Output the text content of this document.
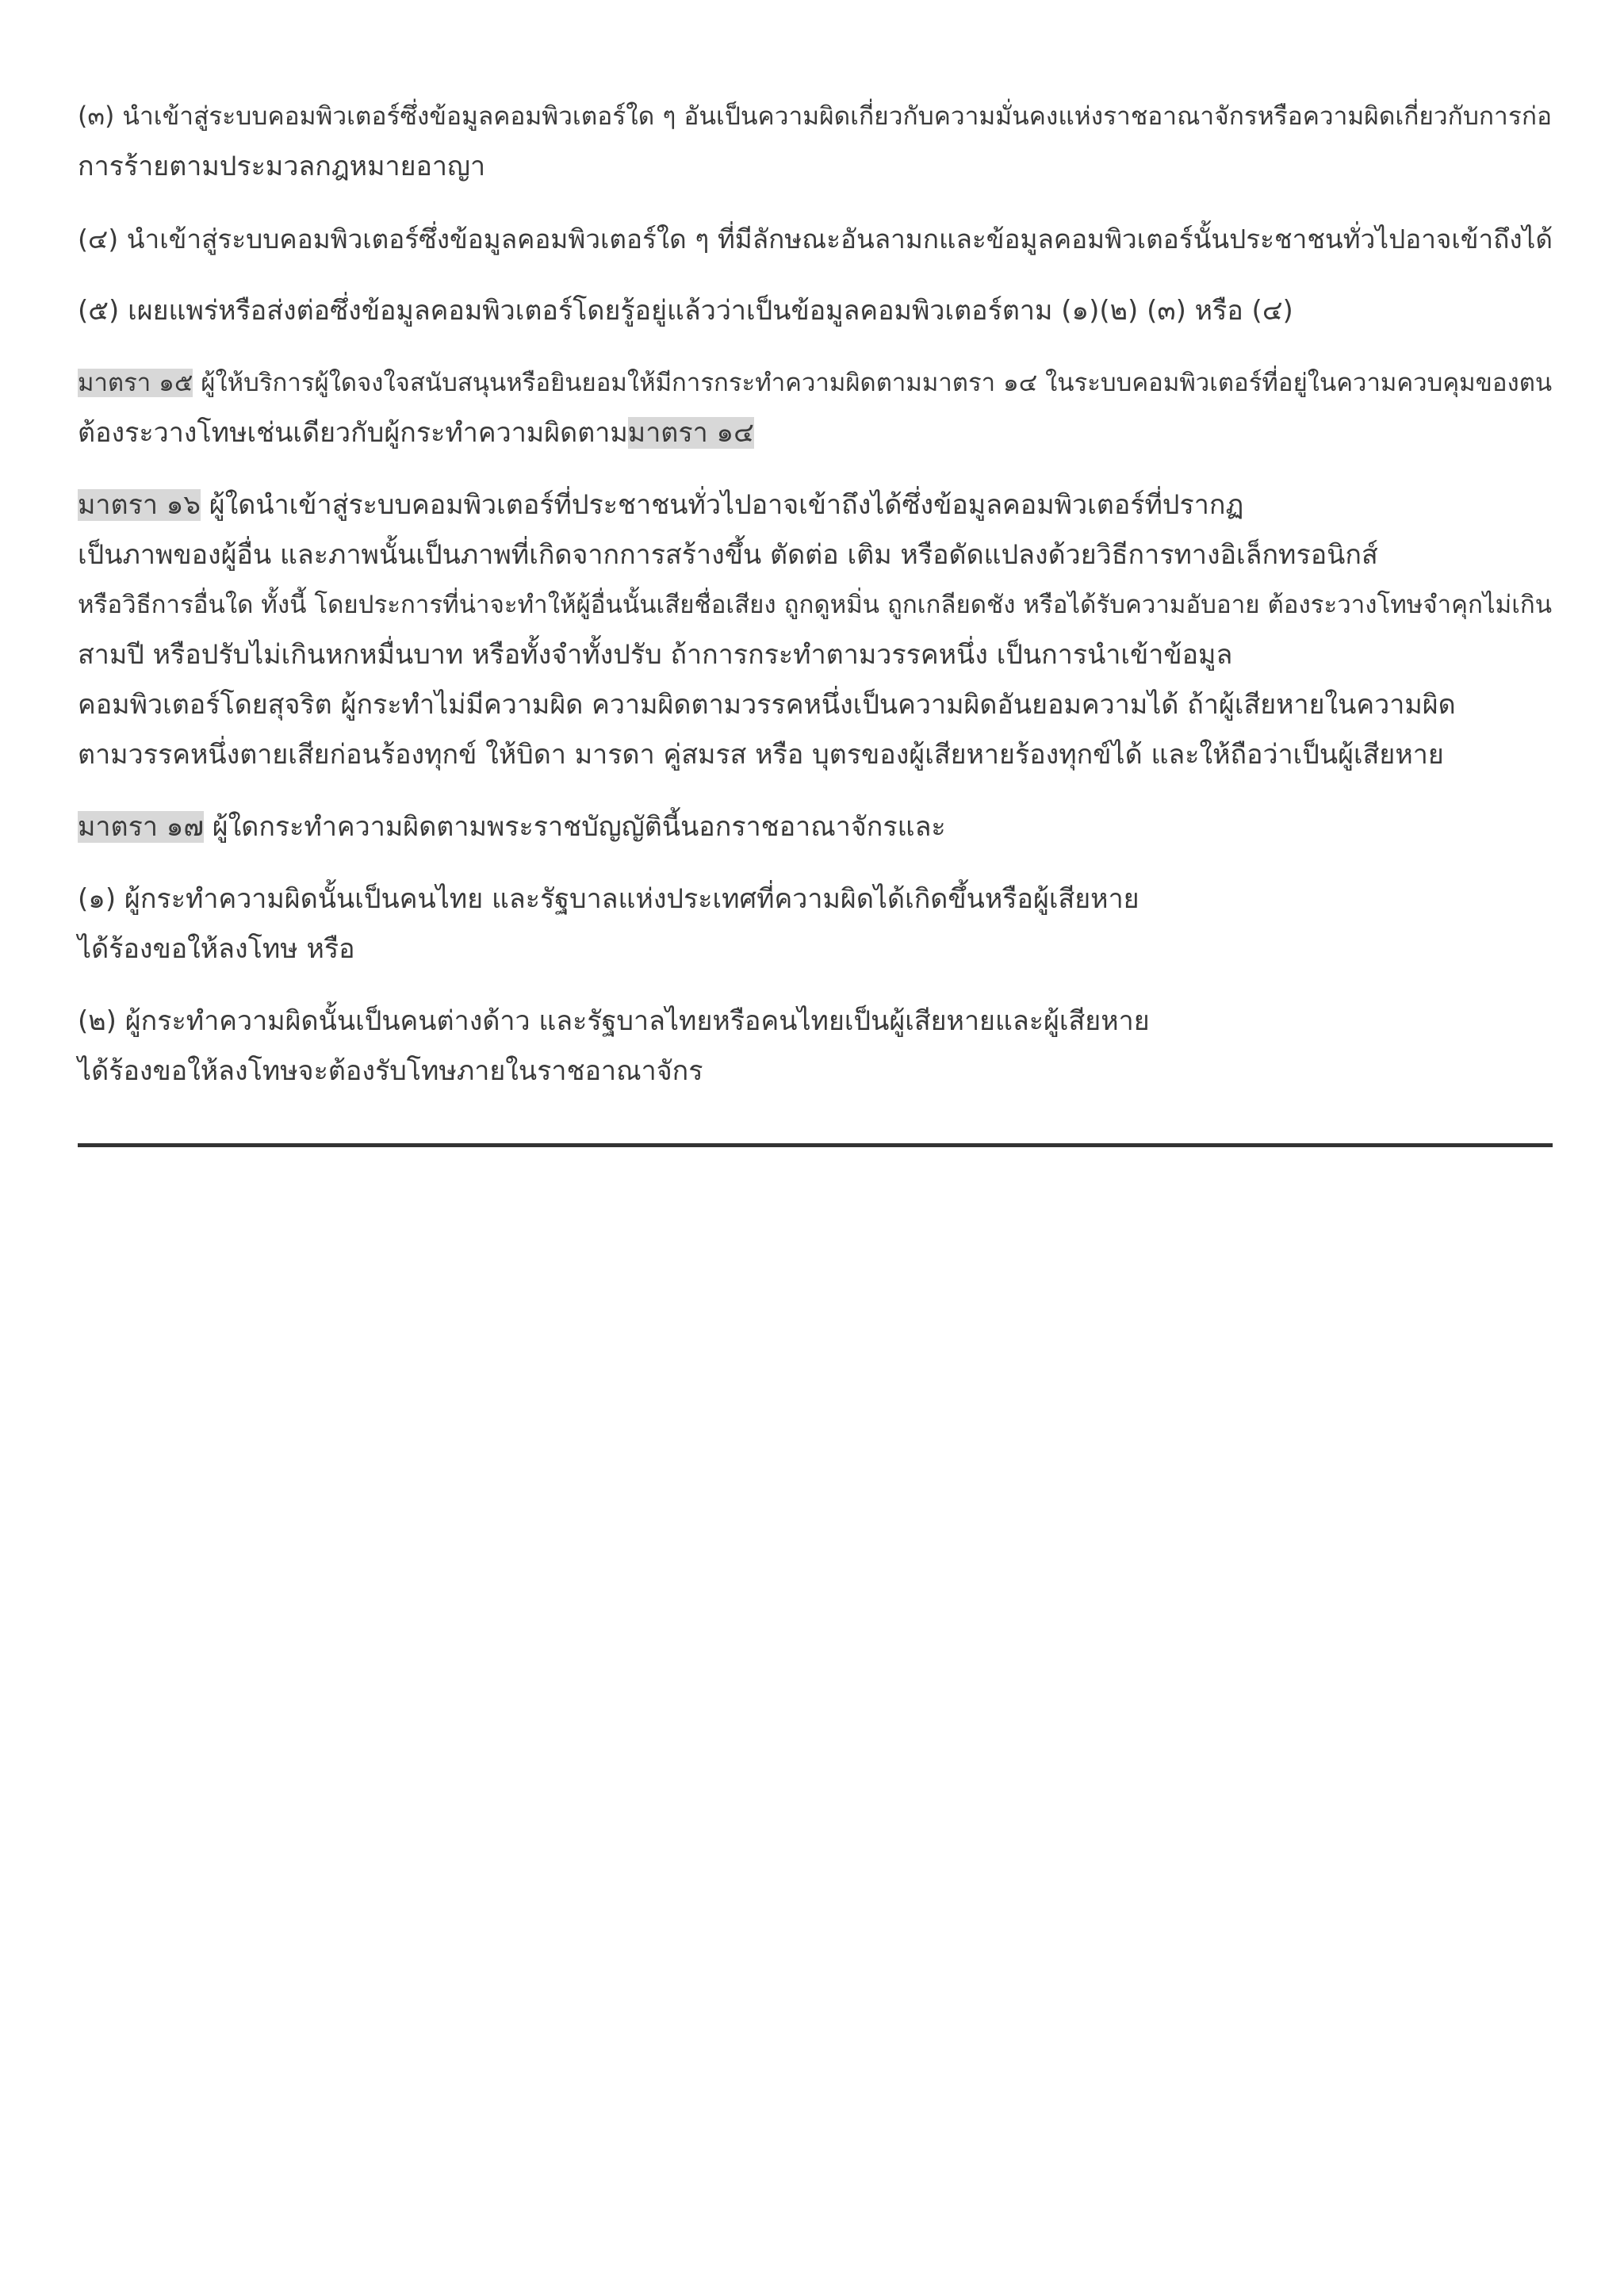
(๓) นำเข้าสู่ระบบคอมพิวเตอร์ซึ่งข้อมูลคอมพิวเตอร์ใด ๆ อันเป็นความผิดเกี่ยวกับความมั่นคงแห่งราชอาณาจักรหรือความผิดเกี่ยวกับการก่อ
การร้ายตามประมวลกฎหมายอาญา

(๔) นำเข้าสู่ระบบคอมพิวเตอร์ซึ่งข้อมูลคอมพิวเตอร์ใด ๆ ที่มีลักษณะอันลามกและข้อมูลคอมพิวเตอร์นั้นประชาชนทั่วไปอาจเข้าถึงได้

(๕) เผยแพร่หรือส่งต่อซึ่งข้อมูลคอมพิวเตอร์โดยรู้อยู่แล้วว่าเป็นข้อมูลคอมพิวเตอร์ตาม (๑)(๒) (๓) หรือ (๔)

มาตรา ๑๕ ผู้ให้บริการผู้ใดจงใจสนับสนุนหรือยินยอมให้มีการกระทำความผิดตามมาตรา ๑๔ ในระบบคอมพิวเตอร์ที่อยู่ในความควบคุมของตน
ต้องระวางโทษเช่นเดียวกับผู้กระทำความผิดตามมาตรา ๑๔

มาตรา ๑๖ ผู้ใดนำเข้าสู่ระบบคอมพิวเตอร์ที่ประชาชนทั่วไปอาจเข้าถึงได้ซึ่งข้อมูลคอมพิวเตอร์ที่ปรากฏ
เป็นภาพของผู้อื่น และภาพนั้นเป็นภาพที่เกิดจากการสร้างขึ้น ตัดต่อ เติม หรือดัดแปลงด้วยวิธีการทางอิเล็กทรอนิกส์
หรือวิธีการอื่นใด ทั้งนี้ โดยประการที่น่าจะทำให้ผู้อื่นนั้นเสียชื่อเสียง ถูกดูหมิ่น ถูกเกลียดชัง หรือได้รับความอับอาย ต้องระวางโทษจำคุกไม่เกิน
สามปี หรือปรับไม่เกินหกหมื่นบาท หรือทั้งจำทั้งปรับ ถ้าการกระทำตามวรรคหนึ่ง เป็นการนำเข้าข้อมูล
คอมพิวเตอร์โดยสุจริต ผู้กระทำไม่มีความผิด ความผิดตามวรรคหนึ่งเป็นความผิดอันยอมความได้ ถ้าผู้เสียหายในความผิด
ตามวรรคหนึ่งตายเสียก่อนร้องทุกข์ ให้บิดา มารดา คู่สมรส หรือ บุตรของผู้เสียหายร้องทุกข์ได้ และให้ถือว่าเป็นผู้เสียหาย

มาตรา ๑๗ ผู้ใดกระทำความผิดตามพระราชบัญญัตินี้นอกราชอาณาจักรและ

(๑) ผู้กระทำความผิดนั้นเป็นคนไทย และรัฐบาลแห่งประเทศที่ความผิดได้เกิดขึ้นหรือผู้เสียหาย
ได้ร้องขอให้ลงโทษ หรือ

(๒) ผู้กระทำความผิดนั้นเป็นคนต่างด้าว และรัฐบาลไทยหรือคนไทยเป็นผู้เสียหายและผู้เสียหาย
ได้ร้องขอให้ลงโทษจะต้องรับโทษภายในราชอาณาจักร
